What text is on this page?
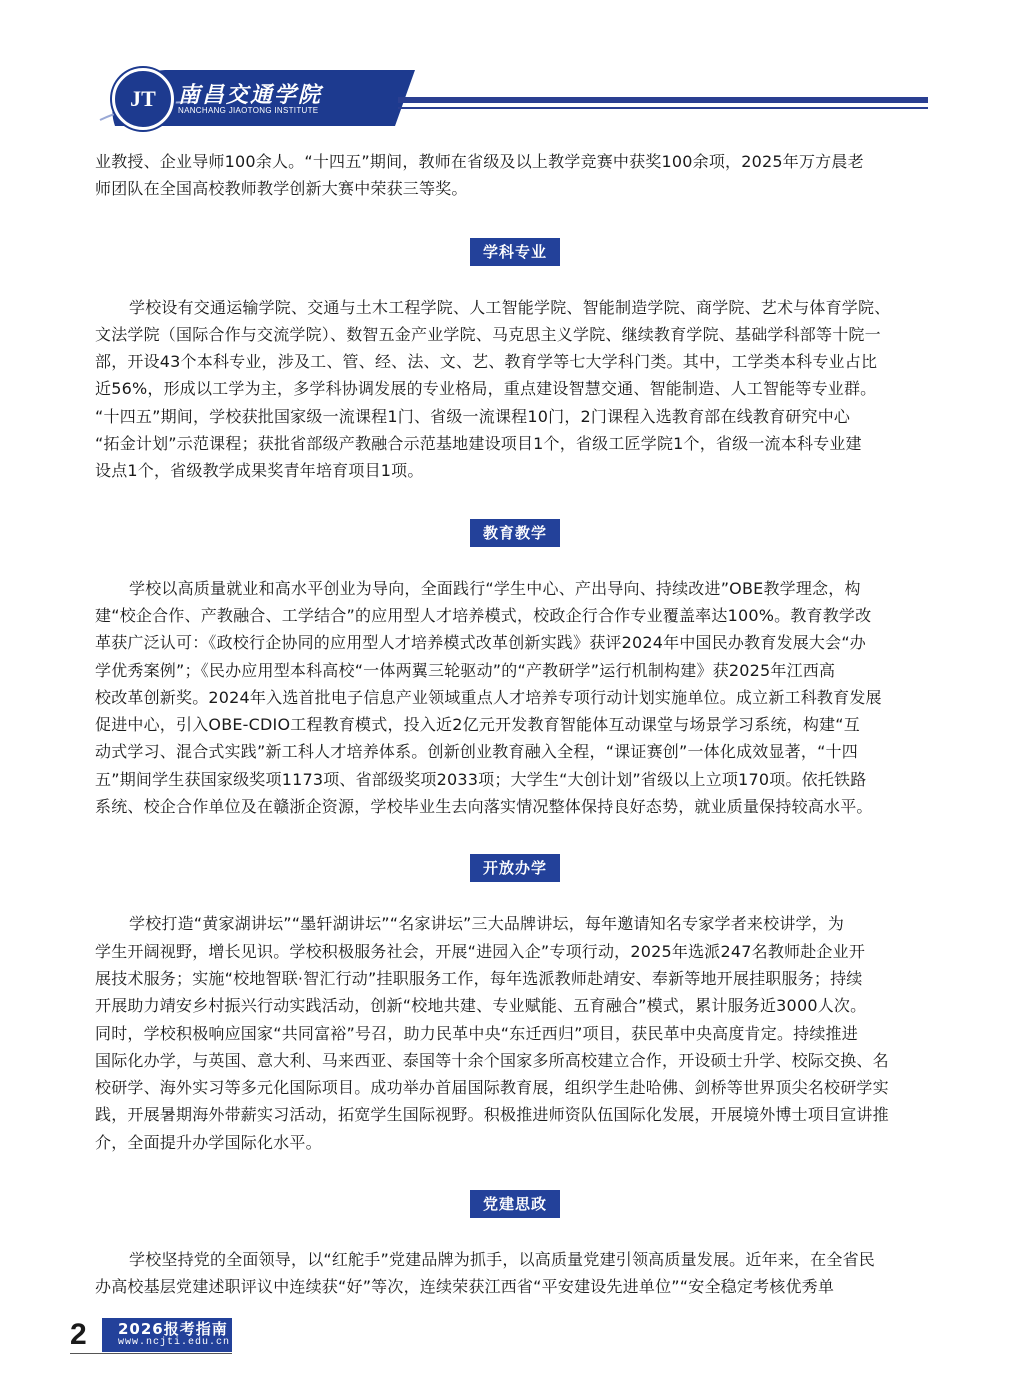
JT	南昌交通学院
NANCHANG JIAOTONG INSTITUTE

业教授、企业导师100余人。“十四五”期间，教师在省级及以上教学竞赛中获奖100余项，2025年万方晨老
师团队在全国高校教师教学创新大赛中荣获三等奖。

学科专业

学校设有交通运输学院、交通与土木工程学院、人工智能学院、智能制造学院、商学院、艺术与体育学院、
文法学院（国际合作与交流学院）、数智五金产业学院、马克思主义学院、继续教育学院、基础学科部等十院一
部，开设43个本科专业，涉及工、管、经、法、文、艺、教育学等七大学科门类。其中，工学类本科专业占比
近56%，形成以工学为主，多学科协调发展的专业格局，重点建设智慧交通、智能制造、人工智能等专业群。
“十四五”期间，学校获批国家级一流课程1门、省级一流课程10门，2门课程入选教育部在线教育研究中心
“拓金计划”示范课程；获批省部级产教融合示范基地建设项目1个，省级工匠学院1个，省级一流本科专业建
设点1个，省级教学成果奖青年培育项目1项。

教育教学

学校以高质量就业和高水平创业为导向，全面践行“学生中心、产出导向、持续改进”OBE教学理念，构
建“校企合作、产教融合、工学结合”的应用型人才培养模式，校政企行合作专业覆盖率达100%。教育教学改
革获广泛认可：《政校行企协同的应用型人才培养模式改革创新实践》获评2024年中国民办教育发展大会“办
学优秀案例”；《民办应用型本科高校“一体两翼三轮驱动”的“产教研学”运行机制构建》获2025年江西高
校改革创新奖。2024年入选首批电子信息产业领域重点人才培养专项行动计划实施单位。成立新工科教育发展
促进中心，引入OBE-CDIO工程教育模式，投入近2亿元开发教育智能体互动课堂与场景学习系统，构建“互
动式学习、混合式实践”新工科人才培养体系。创新创业教育融入全程，“课证赛创”一体化成效显著，“十四
五”期间学生获国家级奖项1173项、省部级奖项2033项；大学生“大创计划”省级以上立项170项。依托铁路
系统、校企合作单位及在赣浙企资源，学校毕业生去向落实情况整体保持良好态势，就业质量保持较高水平。

开放办学

学校打造“黄家湖讲坛”“墨轩湖讲坛”“名家讲坛”三大品牌讲坛，每年邀请知名专家学者来校讲学，为
学生开阔视野，增长见识。学校积极服务社会，开展“进园入企”专项行动，2025年选派247名教师赴企业开
展技术服务；实施“校地智联·智汇行动”挂职服务工作，每年选派教师赴靖安、奉新等地开展挂职服务；持续
开展助力靖安乡村振兴行动实践活动，创新“校地共建、专业赋能、五育融合”模式，累计服务近3000人次。
同时，学校积极响应国家“共同富裕”号召，助力民革中央“东迁西归”项目，获民革中央高度肯定。持续推进
国际化办学，与英国、意大利、马来西亚、泰国等十余个国家多所高校建立合作，开设硕士升学、校际交换、名
校研学、海外实习等多元化国际项目。成功举办首届国际教育展，组织学生赴哈佛、剑桥等世界顶尖名校研学实
践，开展暑期海外带薪实习活动，拓宽学生国际视野。积极推进师资队伍国际化发展，开展境外博士项目宣讲推
介，全面提升办学国际化水平。

党建思政

学校坚持党的全面领导，以“红舵手”党建品牌为抓手，以高质量党建引领高质量发展。近年来，在全省民
办高校基层党建述职评议中连续获“好”等次，连续荣获江西省“平安建设先进单位”“安全稳定考核优秀单

2 2026报考指南
www.ncjti.edu.cn
